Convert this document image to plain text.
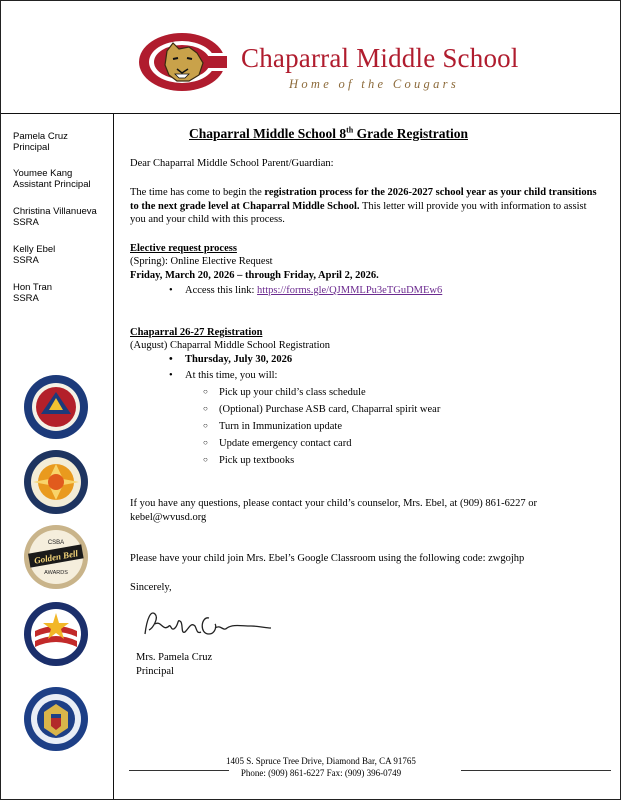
Chaparral Middle School
Home of the Cougars
Pamela Cruz
Principal
Youmee Kang
Assistant Principal
Christina Villanueva
SSRA
Kelly Ebel
SSRA
Hon Tran
SSRA
CSBA
Golden Bell
AWARDS
Chaparral Middle School 8th Grade Registration
Dear Chaparral Middle School Parent/Guardian:
The time has come to begin the registration process for the 2026-2027 school year as your child transitions to the next grade level at Chaparral Middle School. This letter will provide you with information to assist you and your child with this process.
Elective request process
(Spring): Online Elective Request
Friday, March 20, 2026 – through Friday, April 2, 2026.
• Access this link: https://forms.gle/QJMMLPu3eTGuDMEw6
Chaparral 26-27 Registration
(August) Chaparral Middle School Registration
• Thursday, July 30, 2026
• At this time, you will:
○ Pick up your child’s class schedule
○ (Optional) Purchase ASB card, Chaparral spirit wear
○ Turn in Immunization update
○ Update emergency contact card
○ Pick up textbooks
If you have any questions, please contact your child’s counselor, Mrs. Ebel, at (909) 861-6227 or kebel@wvusd.org
Please have your child join Mrs. Ebel’s Google Classroom using the following code: zwgojhp
Sincerely,
Mrs. Pamela Cruz
Principal
1405 S. Spruce Tree Drive, Diamond Bar, CA 91765
Phone: (909) 861-6227 Fax: (909) 396-0749
